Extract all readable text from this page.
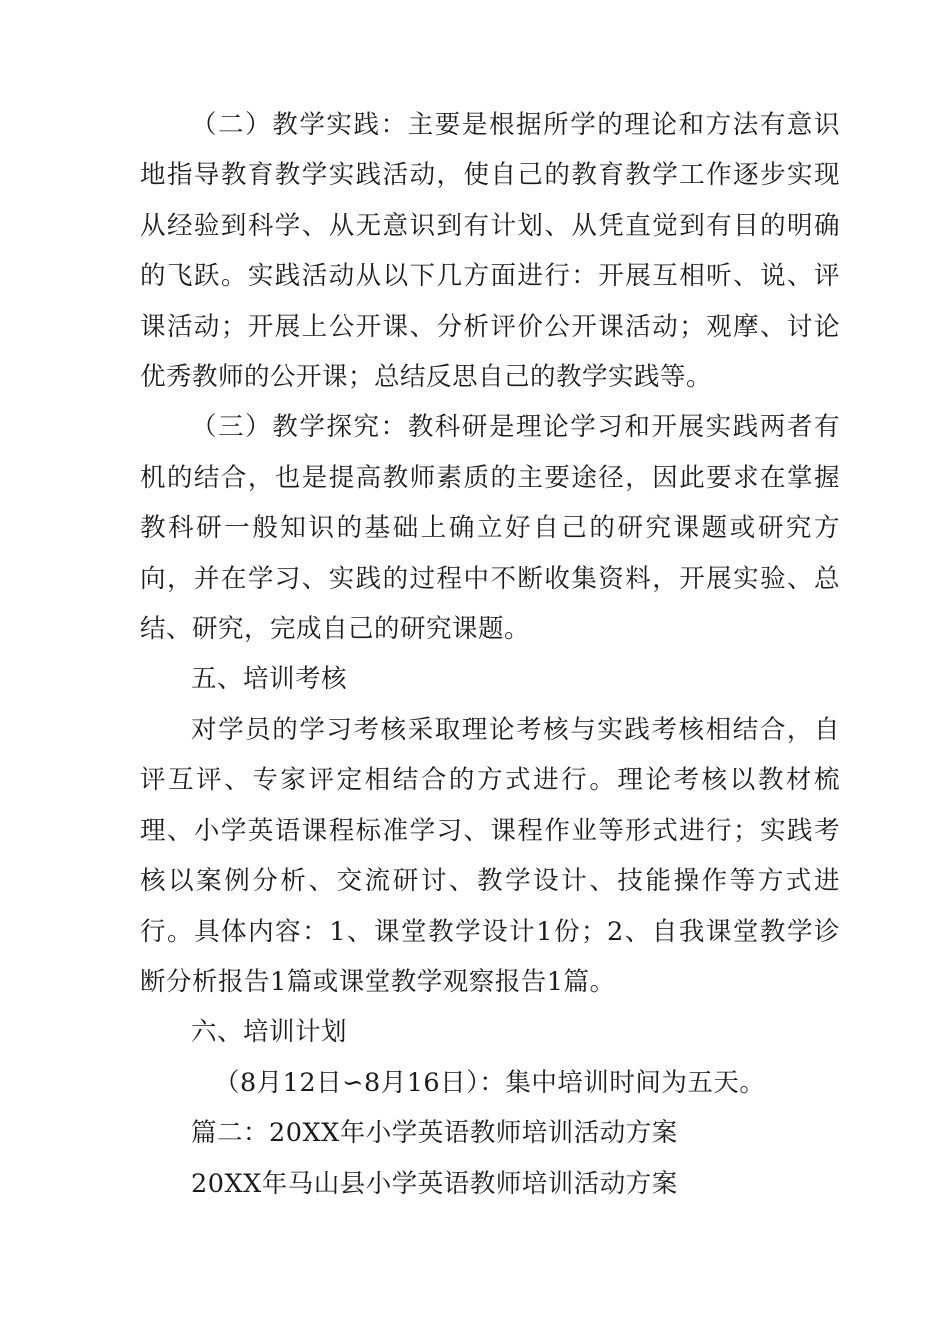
（二）教学实践：主要是根据所学的理论和方法有意识地指导教育教学实践活动，使自己的教育教学工作逐步实现从经验到科学、从无意识到有计划、从凭直觉到有目的明确的飞跃。实践活动从以下几方面进行：开展互相听、说、评课活动；开展上公开课、分析评价公开课活动；观摩、讨论优秀教师的公开课；总结反思自己的教学实践等。

（三）教学探究：教科研是理论学习和开展实践两者有机的结合，也是提高教师素质的主要途径，因此要求在掌握教科研一般知识的基础上确立好自己的研究课题或研究方向，并在学习、实践的过程中不断收集资料，开展实验、总结、研究，完成自己的研究课题。

五、培训考核

对学员的学习考核采取理论考核与实践考核相结合，自评互评、专家评定相结合的方式进行。理论考核以教材梳理、小学英语课程标准学习、课程作业等形式进行；实践考核以案例分析、交流研讨、教学设计、技能操作等方式进行。具体内容：1、课堂教学设计1份；2、自我课堂教学诊断分析报告1篇或课堂教学观察报告1篇。

六、培训计划

（8月12日∽8月16日）：集中培训时间为五天。

篇二：20XX年小学英语教师培训活动方案

20XX年马山县小学英语教师培训活动方案
